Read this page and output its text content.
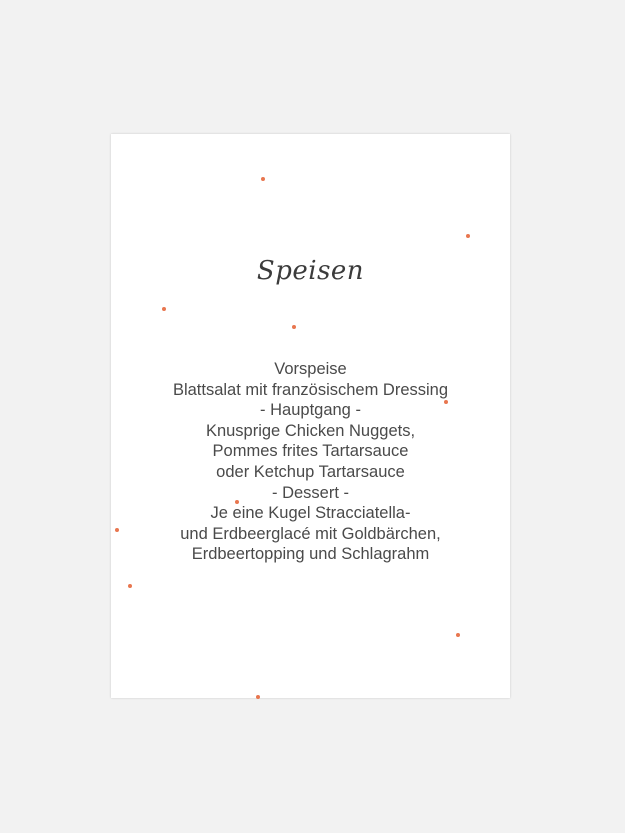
Speisen
Vorspeise
Blattsalat mit französischem Dressing
- Hauptgang -
Knusprige Chicken Nuggets,
Pommes frites Tartarsauce
oder Ketchup Tartarsauce
- Dessert -
Je eine Kugel Stracciatella-
und Erdbeerglacé mit Goldbärchen,
Erdbeertopping und Schlagrahm
